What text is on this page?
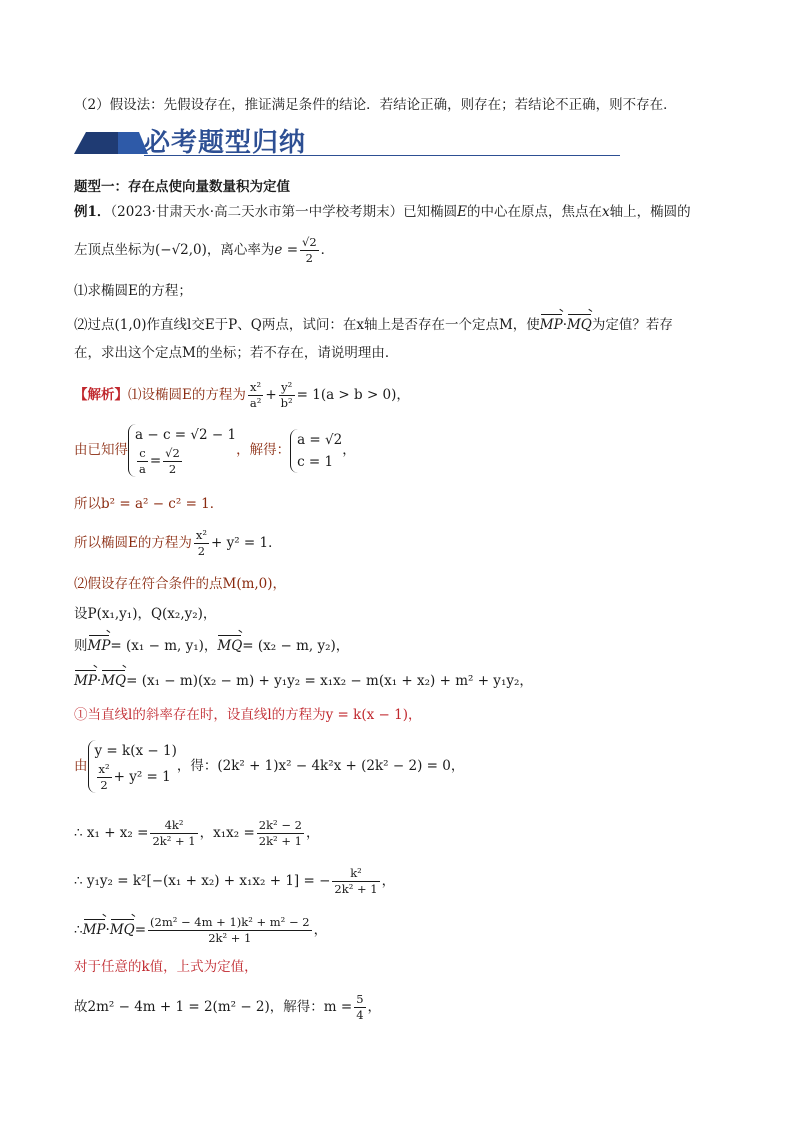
（2）假设法：先假设存在，推证满足条件的结论．若结论正确，则存在；若结论不正确，则不存在．
必考题型归纳
题型一：存在点使向量数量积为定值
例1．（2023·甘肃天水·高二天水市第一中学校考期末）已知椭圆E的中心在原点，焦点在x轴上，椭圆的
左顶点坐标为(−√2,0)，离心率为$e = \frac{√2}{2}$ ．
⑴求椭圆E的方程；
⑵过点(1,0)作直线l交E于P、Q两点，试问：在x轴上是否存在一个定点M，使MP·MQ为定值？若存
在，求出这个定点M的坐标；若不存在，请说明理由．
【解析】⑴设椭圆E的方程为 $\frac{\text{x²}}{\text{a²}} + \frac{\text{y²}}{\text{b²}} = 1(a > b > 0)$，
由已知得
a − c = √2 − 1
$\frac{c}{a} = \frac{√2}{2}$	，解得：
a = √2
c = 1
，
所以b² = a² − c² = 1．
所以椭圆E的方程为 $\frac{\text{x²}}{2} + y^2 = 1$．
⑵假设存在符合条件的点M(m,0)，
设P(x₁,y₁)，Q(x₂,y₂)，
则MP= (x₁ − m, y₁)，MQ= (x₂ − m, y₂)，
MP·MQ= (x₁ − m)(x₂ − m) + y₁y₂ = x₁x₂ − m(x₁ + x₂) + m² + y₁y₂，
①当直线l的斜率存在时，设直线l的方程为y = k(x − 1)，
由
y = k(x − 1)
$\frac{\text{x²}}{2} + y^2 = 1$
，得：(2k² + 1)x² − 4k²x + (2k² − 2) = 0，
∴ $x_1 + x_2 = \frac{\text{4k²}}{\text{2k² + 1}}$ ，$x_1x_2 = \frac{\text{2k² − 2}}{\text{2k² + 1}}$ ，
∴ y₁y₂ = k²[−(x₁ + x₂) + x₁x₂ + 1] = − $\frac{\text{k²}}{\text{2k² + 1}}$ ，
∴MP·MQ= $\frac{\text{(2m² − 4m + 1)k² + m² − 2}}{\text{2k² + 1}}$ ，
对于任意的k值，上式为定值，
故2m² − 4m + 1 = 2(m² − 2)，解得：$m = \frac{5}{4}$ ，
